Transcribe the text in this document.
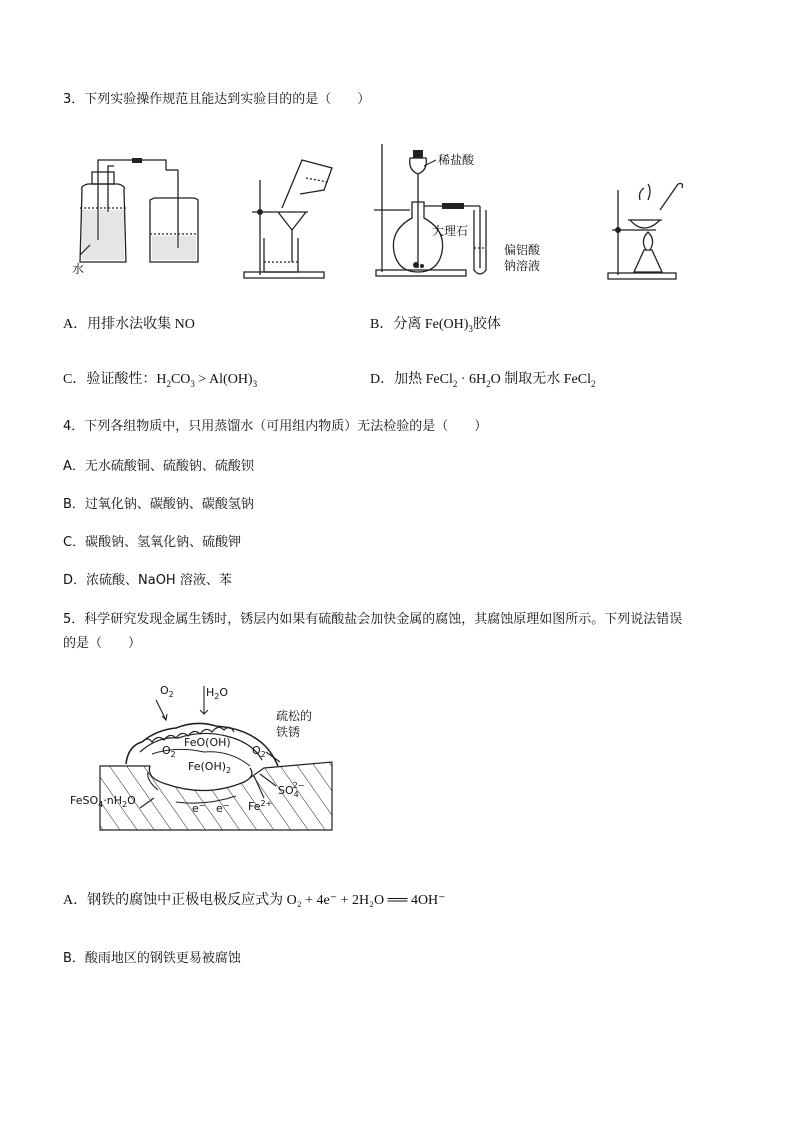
3．下列实验操作规范且能达到实验目的的是（　　）
水
稀盐酸
大理石
偏铝酸
钠溶液
A．用排水法收集 NO	B．分离 $Fe(OH)_3$胶体
C．验证酸性：$H_2CO_3 > Al(OH)_3$	D．加热 FeCl$_2$ · $6H_2O$ 制取无水 FeCl$_2$
4．下列各组物质中，只用蒸馏水（可用组内物质）无法检验的是（　　）
A．无水硫酸铜、硫酸钠、硫酸钡
B．过氧化钠、碳酸钠、碳酸氢钠
C．碳酸钠、氢氧化钠、硫酸钾
D．浓硫酸、NaOH 溶液、苯
5．科学研究发现金属生锈时，锈层内如果有硫酸盐会加快金属的腐蚀，其腐蚀原理如图所示。下列说法错误
的是（　　）
$O_2$	$H_2O$
疏松的
铁锈
FeO(OH)
$O_2$	$O_2$
$Fe(OH)_2$
$FeSO_4\cdot nH_2O$
e− e− $Fe^{2+}$
$SO_42-$
A．钢铁的腐蚀中正极电极反应式为 O₂ + 4e⁻ + 2H₂O ══ 4OH⁻
B．酸雨地区的钢铁更易被腐蚀
